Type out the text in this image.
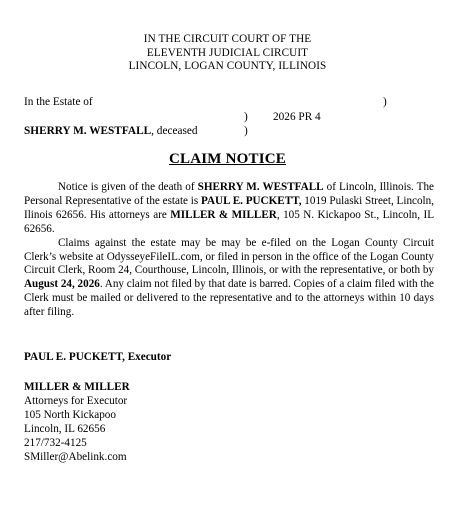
IN THE CIRCUIT COURT OF THE
ELEVENTH JUDICIAL CIRCUIT
LINCOLN, LOGAN COUNTY, ILLINOIS
In the Estate of	)
) 2026 PR 4
SHERRY M. WESTFALL, deceased	)
CLAIM NOTICE

Notice is given of the death of SHERRY M. WESTFALL of Lincoln, Illinois. The Personal Representative of the estate is PAUL E. PUCKETT, 1019 Pulaski Street, Lincoln, Ilinois 62656. His attorneys are MILLER & MILLER, 105 N. Kickapoo St., Lincoln, IL 62656.

Claims against the estate may be may be e-filed on the Logan County Circuit Clerk’s website at OdysseyeFileIL.com, or filed in person in the office of the Logan County Circuit Clerk, Room 24, Courthouse, Lincoln, Illinois, or with the representative, or both by August 24, 2026. Any claim not filed by that date is barred. Copies of a claim filed with the Clerk must be mailed or delivered to the representative and to the attorneys within 10 days after filing.

PAUL E. PUCKETT, Executor
MILLER & MILLER
Attorneys for Executor
105 North Kickapoo
Lincoln, IL 62656
217/732-4125
SMiller@Abelink.com
